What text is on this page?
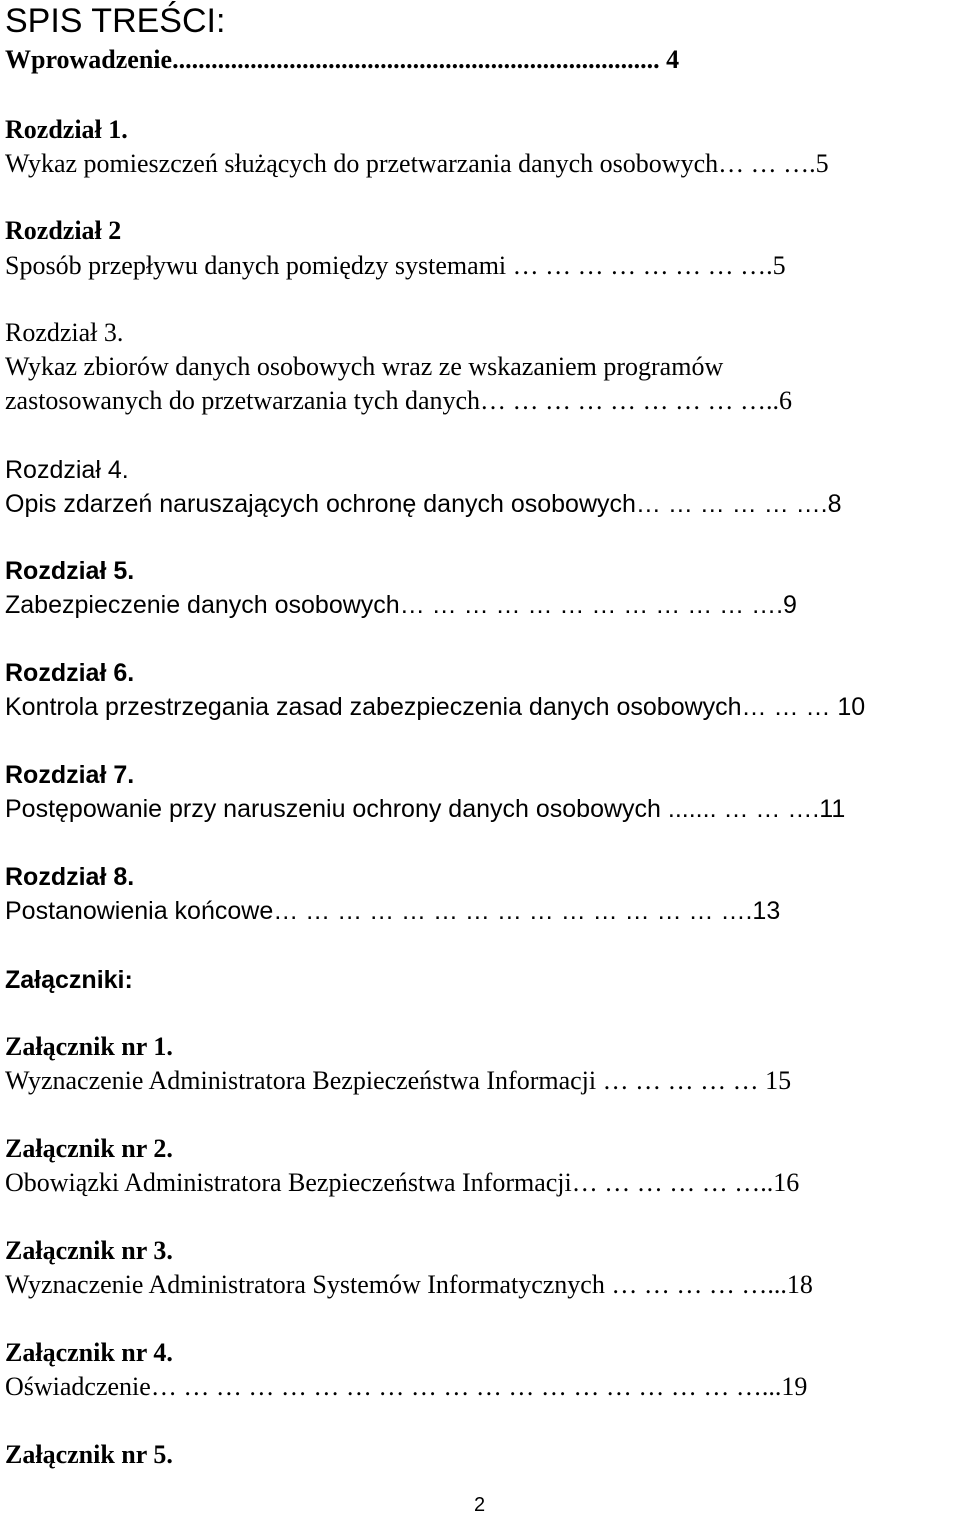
SPIS TREŚCI:
Wprowadzenie........................................................................... 4
Rozdział 1.
Wykaz pomieszczeń służących do przetwarzania danych osobowych… … ….5
Rozdział 2
Sposób przepływu danych pomiędzy systemami … … … … … … … ….5
Rozdział 3.
Wykaz zbiorów danych osobowych wraz ze wskazaniem programów
zastosowanych do przetwarzania tych danych… … … … … … … … …..6
Rozdział 4.
Opis zdarzeń naruszających ochronę danych osobowych… … … … … ….8
Rozdział 5.
Zabezpieczenie danych osobowych… … … … … … … … … … … ….9
Rozdział 6.
Kontrola przestrzegania zasad zabezpieczenia danych osobowych… … … 10
Rozdział 7.
Postępowanie przy naruszeniu ochrony danych osobowych ....... … … ….11
Rozdział 8.
Postanowienia końcowe… … … … … … … … … … … … … … ….13
Załączniki:
Załącznik nr 1.
Wyznaczenie Administratora Bezpieczeństwa Informacji … … … … … 15
Załącznik nr 2.
Obowiązki Administratora Bezpieczeństwa Informacji… … … … … …..16
Załącznik nr 3.
Wyznaczenie Administratora Systemów Informatycznych … … … … …...18
Załącznik nr 4.
Oświadczenie… … … … … … … … … … … … … … … … … … …...19
Załącznik nr 5.
2
